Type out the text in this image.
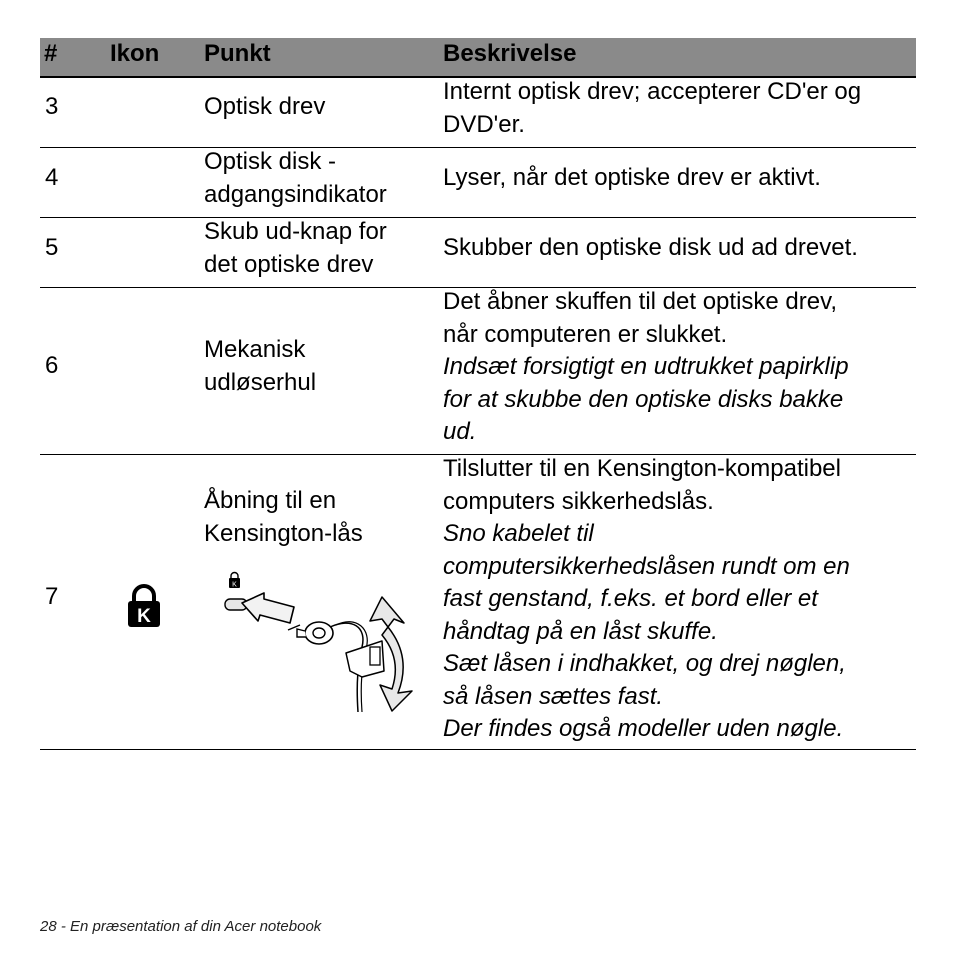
# Ikon Punkt	Beskrivelse
3	Optisk drev
Internt optisk drev; accepterer CD'er og
DVD'er.
4
Optisk disk -
adgangsindikator
Lyser, når det optiske drev er aktivt.
5
Skub ud-knap for
det optiske drev
Skubber den optiske disk ud ad drevet.
6
Mekanisk
udløserhul
Det åbner skuffen til det optiske drev,
når computeren er slukket.
Indsæt forsigtigt en udtrukket papirklip
for at skubbe den optiske disks bakke
ud.
7
K
Åbning til en
Kensington-lås
K
Tilslutter til en Kensington-kompatibel
computers sikkerhedslås.
Sno kabelet til
computersikkerhedslåsen rundt om en
fast genstand, f.eks. et bord eller et
håndtag på en låst skuffe.
Sæt låsen i indhakket, og drej nøglen,
så låsen sættes fast.
Der findes også modeller uden nøgle.
28 - En præsentation af din Acer notebook
